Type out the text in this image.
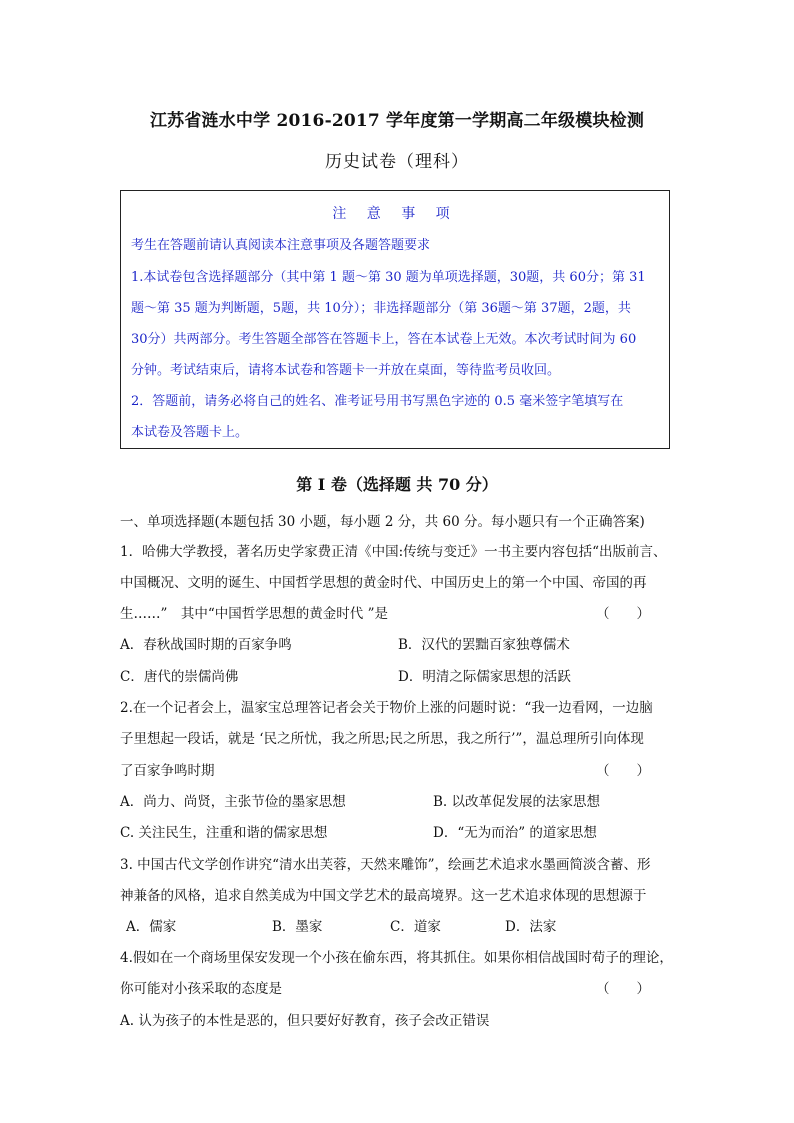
江苏省涟水中学 2016-2017 学年度第一学期高二年级模块检测
历史试卷（理科）
注 意 事 项
考生在答题前请认真阅读本注意事项及各题答题要求
1.本试卷包含选择题部分（其中第 1 题～第 30 题为单项选择题，30题，共 60分；第 31
题～第 35 题为判断题，5题，共 10分）；非选择题部分（第 36题～第 37题，2题，共
30分）共两部分。考生答题全部答在答题卡上，答在本试卷上无效。本次考试时间为 60
分钟。考试结束后，请将本试卷和答题卡一并放在桌面，等待监考员收回。
2．答题前，请务必将自己的姓名、准考证号用书写黑色字迹的 0.5 毫米签字笔填写在
本试卷及答题卡上。
第 I 卷（选择题 共 70 分）
一、单项选择题(本题包括 30 小题，每小题 2 分，共 60 分。每小题只有一个正确答案)
1．哈佛大学教授，著名历史学家费正清《中国:传统与变迁》一书主要内容包括“出版前言、
中国概况、文明的诞生、中国哲学思想的黄金时代、中国历史上的第一个中国、帝国的再
生……”　其中“中国哲学思想的黄金时代 ”是	（　　）
A．春秋战国时期的百家争鸣	B．汉代的罢黜百家独尊儒术
C．唐代的崇儒尚佛	D．明清之际儒家思想的活跃
2.在一个记者会上，温家宝总理答记者会关于物价上涨的问题时说：“我一边看网，一边脑
子里想起一段话，就是 ‘民之所忧，我之所思;民之所思，我之所行’”，温总理所引向体现
了百家争鸣时期	（　　）
A．尚力、尚贤，主张节俭的墨家思想	B. 以改革促发展的法家思想
C. 关注民生，注重和谐的儒家思想	D．“无为而治” 的道家思想
3. 中国古代文学创作讲究“清水出芙蓉，天然来雕饰”，绘画艺术追求水墨画简淡含蓄、形
神兼备的风格，追求自然美成为中国文学艺术的最高境界。这一艺术追求体现的思想源于
A．儒家	B．墨家	C．道家	D．法家
4.假如在一个商场里保安发现一个小孩在偷东西，将其抓住。如果你相信战国时荀子的理论，
你可能对小孩采取的态度是	（　　）
A. 认为孩子的本性是恶的，但只要好好教育，孩子会改正错误
